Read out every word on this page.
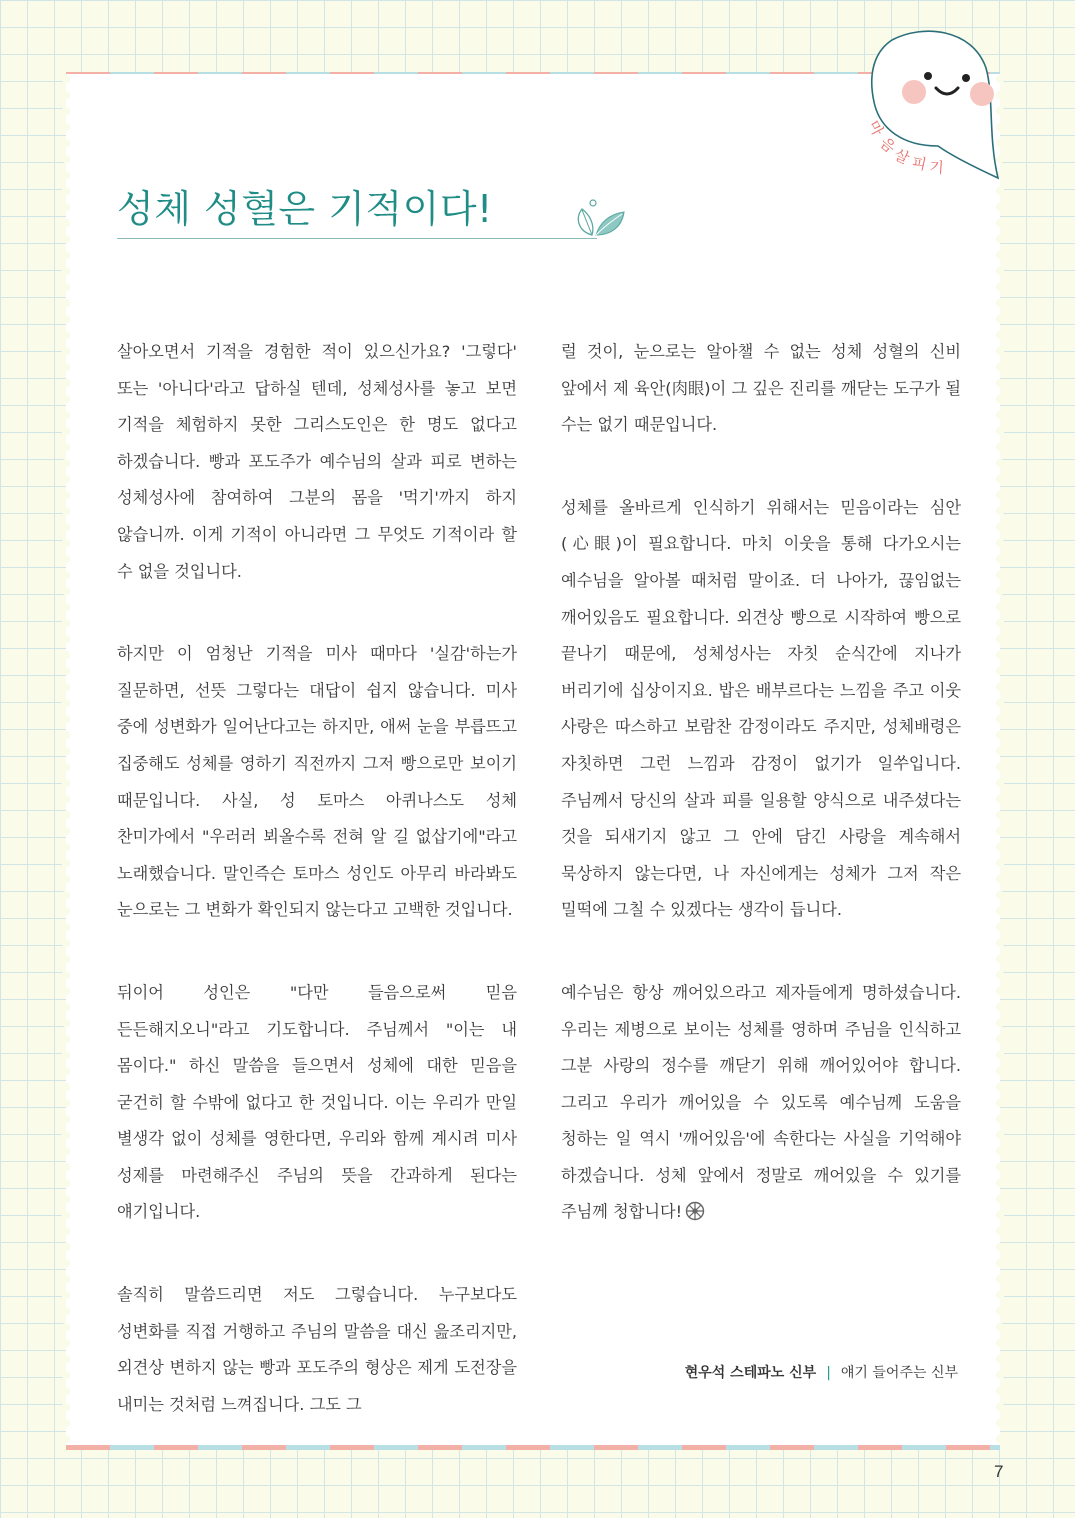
마
음
살
피 기
성체 성혈은 기적이다!

살아오면서 기적을 경험한 적이 있으신가요? '그렇다' 또는 '아니다'라고 답하실 텐데, 성체성사를 놓고 보면 기적을 체험하지 못한 그리스도인은 한 명도 없다고 하겠습니다. 빵과 포도주가 예수님의 살과 피로 변하는 성체성사에 참여하여 그분의 몸을 '먹기'까지 하지 않습니까. 이게 기적이 아니라면 그 무엇도 기적이라 할 수 없을 것입니다.

하지만 이 엄청난 기적을 미사 때마다 '실감'하는가 질문하면, 선뜻 그렇다는 대답이 쉽지 않습니다. 미사 중에 성변화가 일어난다고는 하지만, 애써 눈을 부릅뜨고 집중해도 성체를 영하기 직전까지 그저 빵으로만 보이기 때문입니다. 사실, 성 토마스 아퀴나스도 성체 찬미가에서 "우러러 뵈올수록 전혀 알 길 없삽기에"라고 노래했습니다. 말인즉슨 토마스 성인도 아무리 바라봐도 눈으로는 그 변화가 확인되지 않는다고 고백한 것입니다.

뒤이어 성인은 "다만 들음으로써 믿음 든든해지오니"라고 기도합니다. 주님께서 "이는 내 몸이다." 하신 말씀을 들으면서 성체에 대한 믿음을 굳건히 할 수밖에 없다고 한 것입니다. 이는 우리가 만일 별생각 없이 성체를 영한다면, 우리와 함께 계시려 미사 성제를 마련해주신 주님의 뜻을 간과하게 된다는 얘기입니다.

솔직히 말씀드리면 저도 그렇습니다. 누구보다도 성변화를 직접 거행하고 주님의 말씀을 대신 읊조리지만, 외견상 변하지 않는 빵과 포도주의 형상은 제게 도전장을 내미는 것처럼 느껴집니다. 그도 그

럴 것이, 눈으로는 알아챌 수 없는 성체 성혈의 신비 앞에서 제 육안(肉眼)이 그 깊은 진리를 깨닫는 도구가 될 수는 없기 때문입니다.

성체를 올바르게 인식하기 위해서는 믿음이라는 심안(心眼)이 필요합니다. 마치 이웃을 통해 다가오시는 예수님을 알아볼 때처럼 말이죠. 더 나아가, 끊임없는 깨어있음도 필요합니다. 외견상 빵으로 시작하여 빵으로 끝나기 때문에, 성체성사는 자칫 순식간에 지나가 버리기에 십상이지요. 밥은 배부르다는 느낌을 주고 이웃 사랑은 따스하고 보람찬 감정이라도 주지만, 성체배령은 자칫하면 그런 느낌과 감정이 없기가 일쑤입니다. 주님께서 당신의 살과 피를 일용할 양식으로 내주셨다는 것을 되새기지 않고 그 안에 담긴 사랑을 계속해서 묵상하지 않는다면, 나 자신에게는 성체가 그저 작은 밀떡에 그칠 수 있겠다는 생각이 듭니다.

예수님은 항상 깨어있으라고 제자들에게 명하셨습니다. 우리는 제병으로 보이는 성체를 영하며 주님을 인식하고 그분 사랑의 정수를 깨닫기 위해 깨어있어야 합니다. 그리고 우리가 깨어있을 수 있도록 예수님께 도움을 청하는 일 역시 '깨어있음'에 속한다는 사실을 기억해야 하겠습니다. 성체 앞에서 정말로 깨어있을 수 있기를 주님께 청합니다!

현우석 스테파노 신부 | 얘기 들어주는 신부
7
